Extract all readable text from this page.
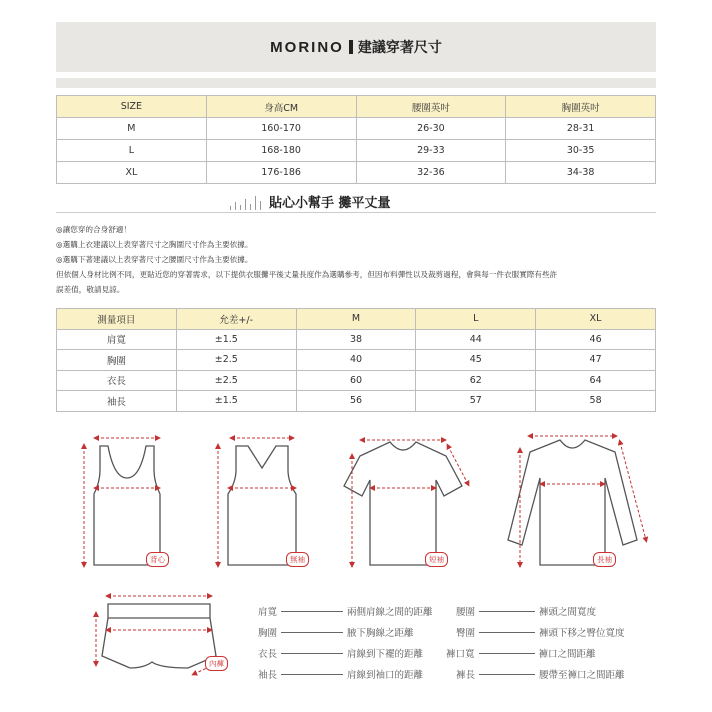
MORINO 建議穿著尺寸
SIZE	身高CM	腰圍英吋	胸圍英吋
M	160-170	26-30	28-31
L	168-180	29-33	30-35
XL	176-186	32-36	34-38
貼心小幫手 攤平丈量
◎讓您穿的合身舒適！
◎選購上衣建議以上表穿著尺寸之胸圍尺寸作為主要依據。
◎選購下著建議以上表穿著尺寸之腰圍尺寸作為主要依據。
但依個人身材比例不同，更貼近您的穿著需求，以下提供衣服攤平後丈量長度作為選購參考，但因布料彈性以及裁剪過程，會與每一件衣服實際有些許
誤差值，敬請見諒。
測量項目	允差+/-	M	L	XL
肩寬	±1.5	38	44	46
胸圍	±2.5	40	45	47
衣長	±2.5	60	62	64
袖長	±1.5	56	57	58
背心	無袖	短袖	長袖
內褲
肩寬	兩側肩線之間的距離
胸圍	腋下胸線之距離
衣長	肩線到下襬的距離
袖長	肩線到袖口的距離
腰圍	褲頭之間寬度
臀圍	褲頭下移之臀位寬度
褲口寬	褲口之間距離
褲長	腰帶至褲口之間距離
